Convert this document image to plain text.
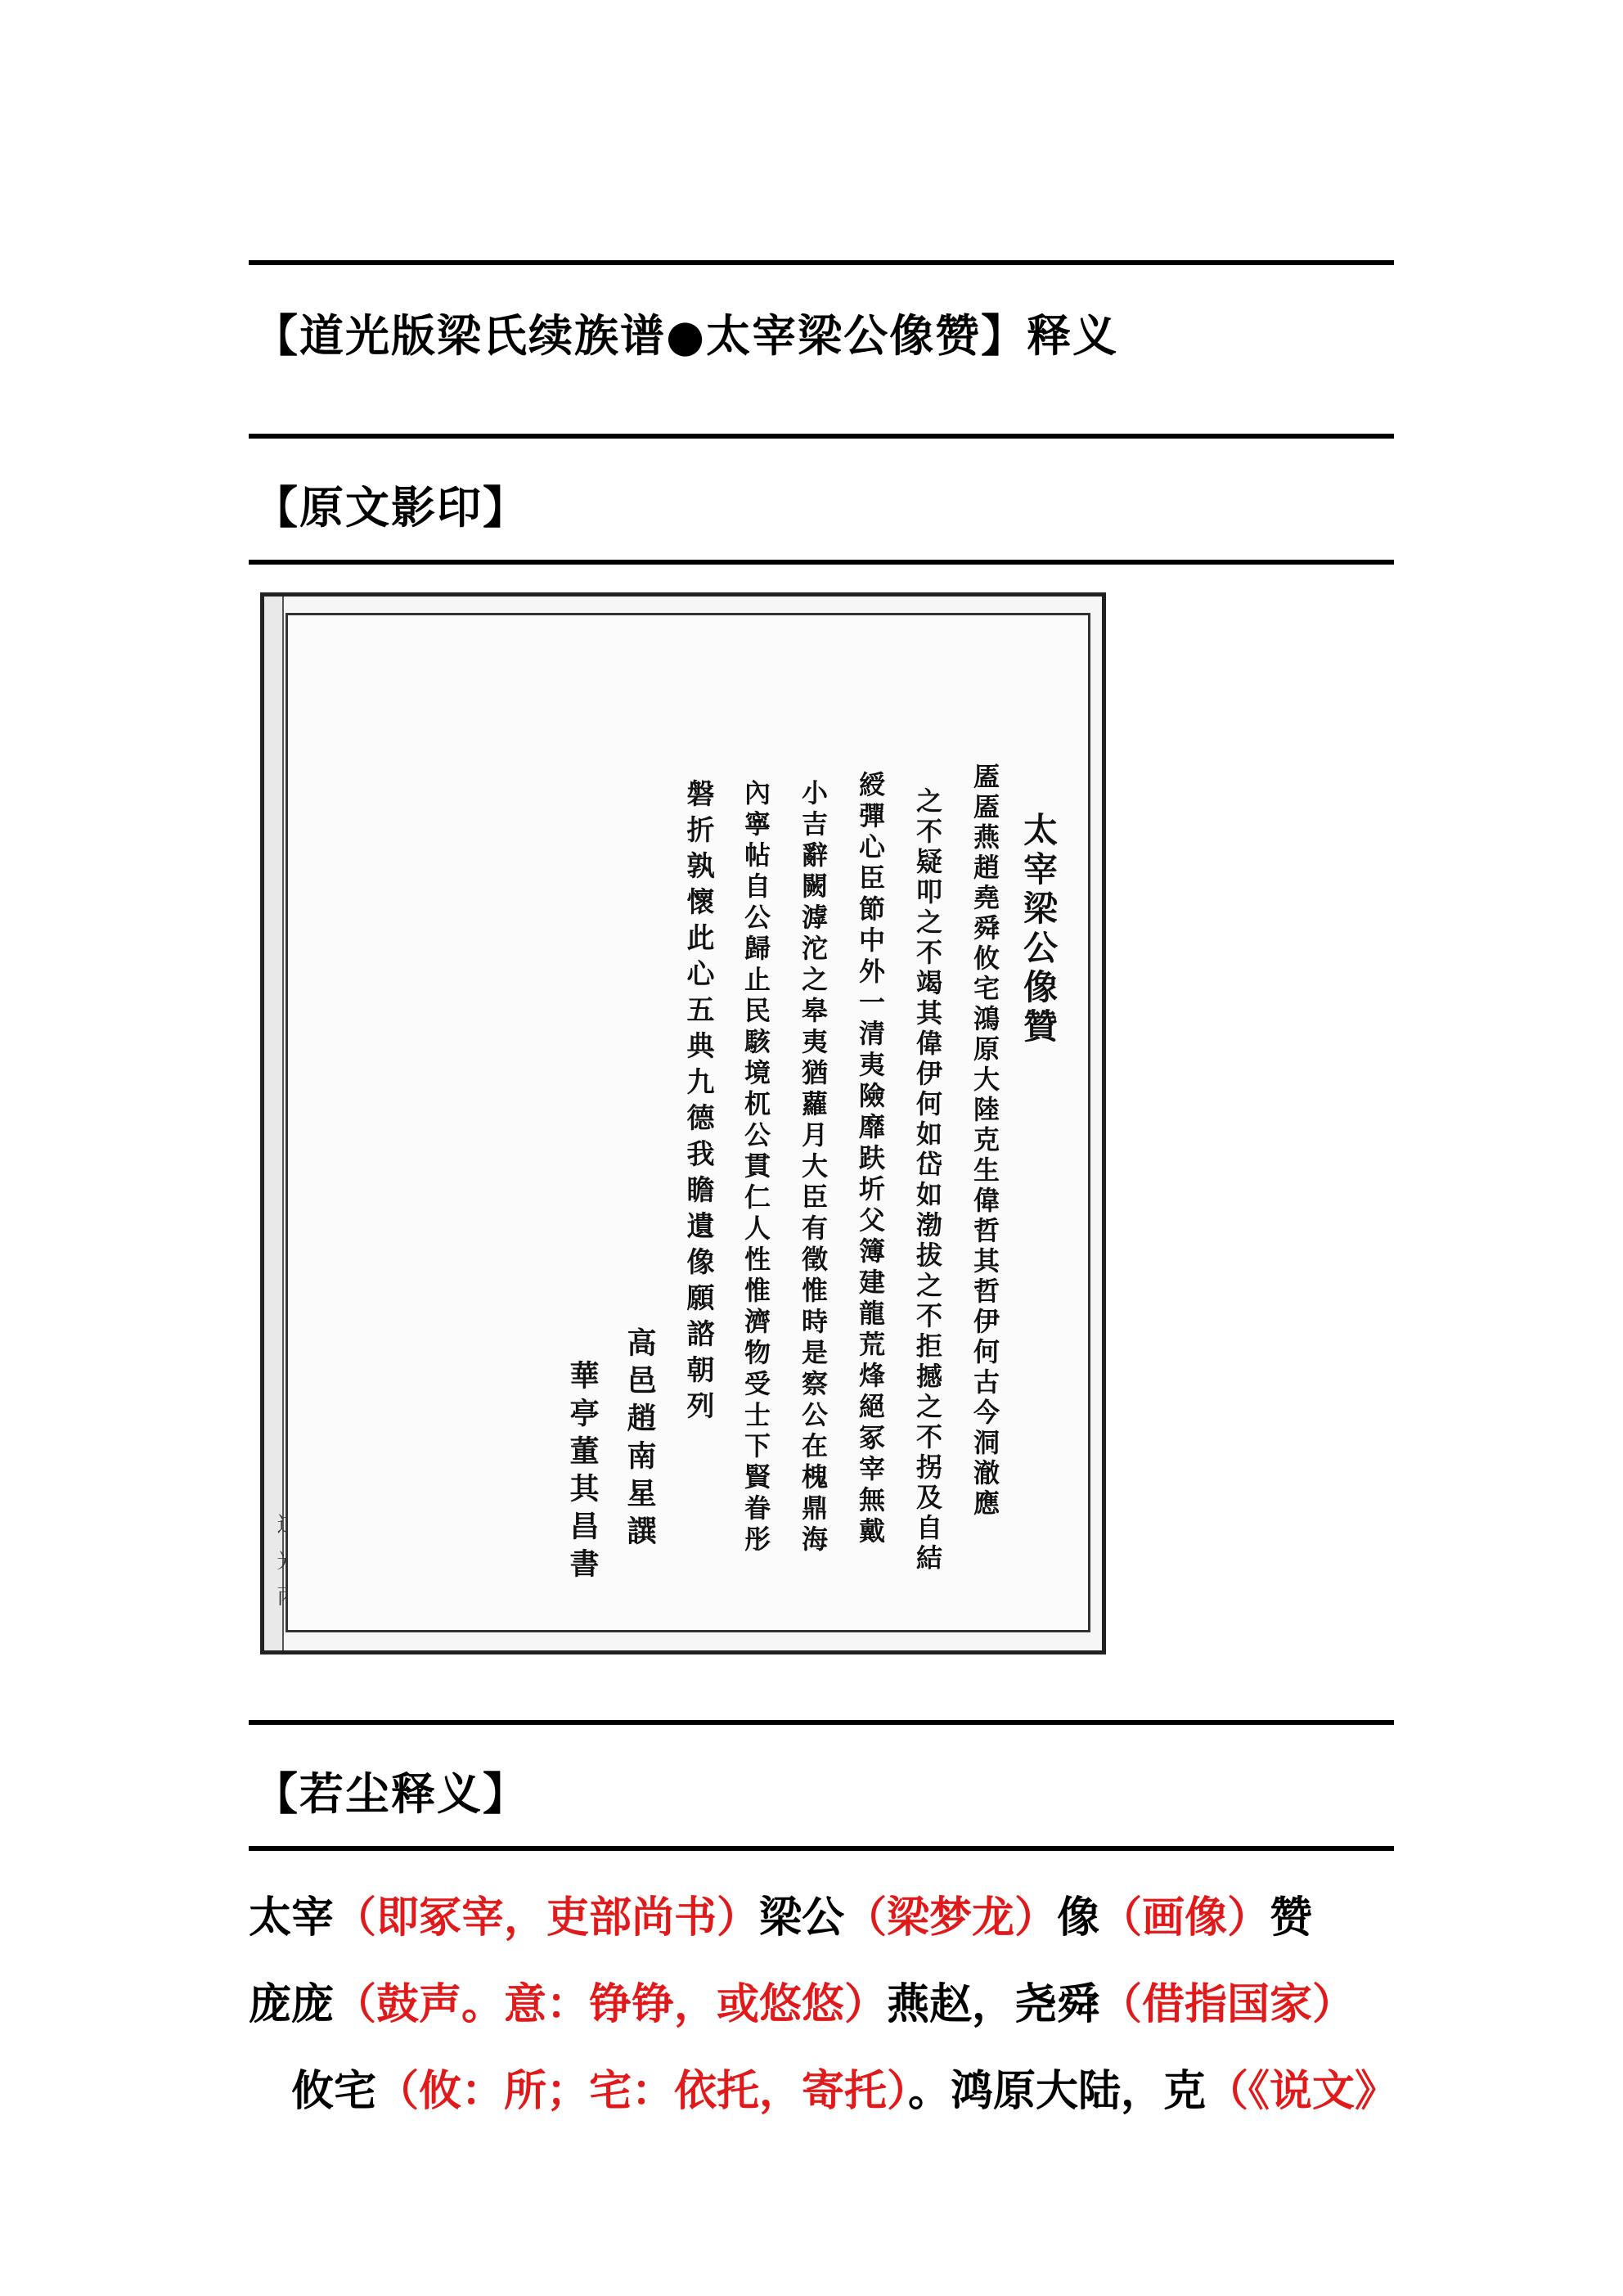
【道光版梁氏续族谱●太宰梁公像赞】释义
【原文影印】
太宰梁公像贊
㕎㕎燕趙堯舜攸宅鴻原大陸克生偉哲其哲伊何古今洞澈應
之不疑叩之不竭其偉伊何如岱如渤拔之不拒撼之不拐及自結
綬彈心臣節中外一清夷險靡趺圻父簿建龍荒烽絕冢宰無戴
小吉辭闕滹沱之皋夷猶蘿月大臣有徵惟時是察公在槐鼎海
內寧帖自公歸止民駭境杌公貫仁人性惟濟物受士下賢眷彤
磐折孰懷此心五典九德我瞻遺像願諮朝列
高邑趙南星譔
華亭董其昌書
【若尘释义】
太宰（即冢宰，吏部尚书）梁公（梁梦龙）像（画像）赞
庞庞（鼓声。意：铮铮，或悠悠）燕赵，尧舜（借指国家）
攸宅（攸：所；宅：依托，寄托）。鸿原大陆，克（《说文》
